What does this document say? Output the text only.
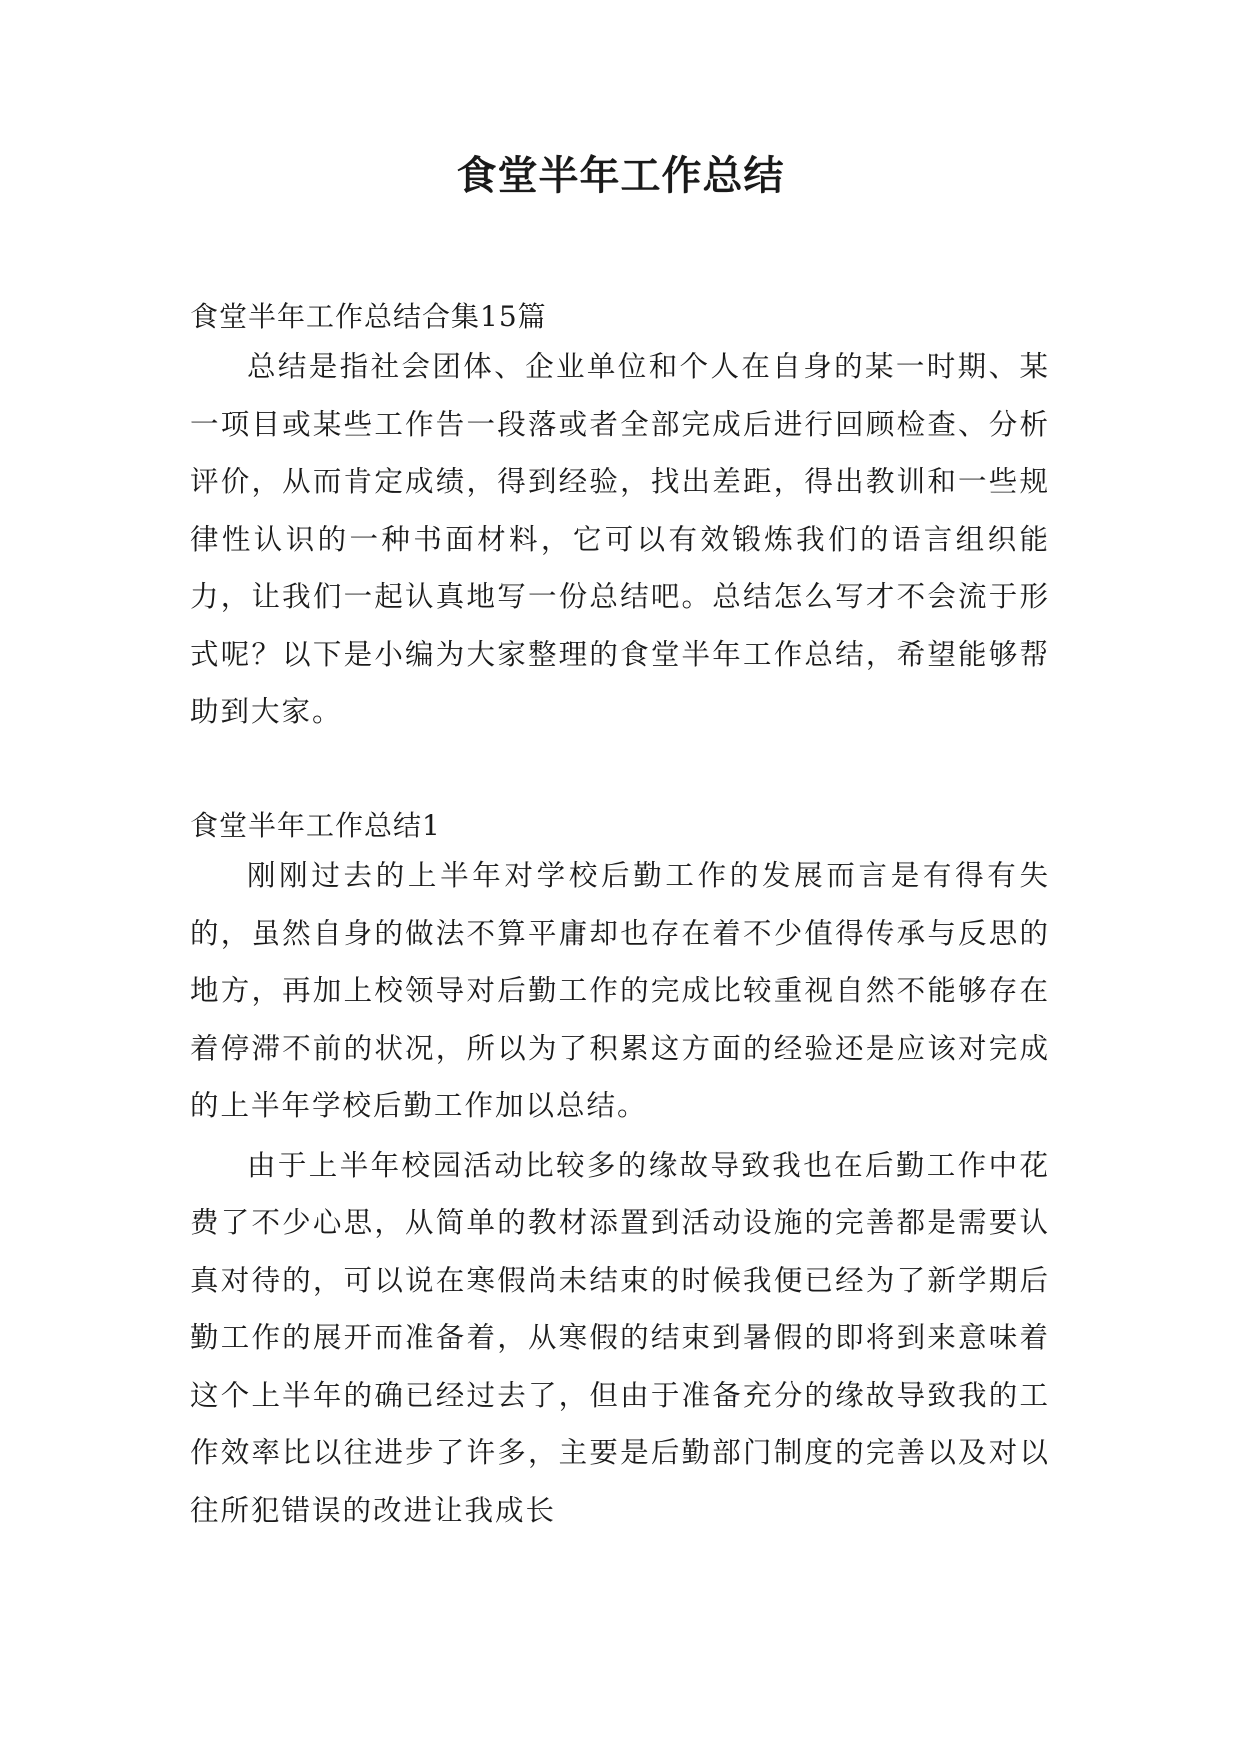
食堂半年工作总结

食堂半年工作总结合集15篇

总结是指社会团体、企业单位和个人在自身的某一时期、某一项目或某些工作告一段落或者全部完成后进行回顾检查、分析评价，从而肯定成绩，得到经验，找出差距，得出教训和一些规律性认识的一种书面材料，它可以有效锻炼我们的语言组织能力，让我们一起认真地写一份总结吧。总结怎么写才不会流于形式呢？以下是小编为大家整理的食堂半年工作总结，希望能够帮助到大家。

食堂半年工作总结1

刚刚过去的上半年对学校后勤工作的发展而言是有得有失的，虽然自身的做法不算平庸却也存在着不少值得传承与反思的地方，再加上校领导对后勤工作的完成比较重视自然不能够存在着停滞不前的状况，所以为了积累这方面的经验还是应该对完成的上半年学校后勤工作加以总结。

由于上半年校园活动比较多的缘故导致我也在后勤工作中花费了不少心思，从简单的教材添置到活动设施的完善都是需要认真对待的，可以说在寒假尚未结束的时候我便已经为了新学期后勤工作的展开而准备着，从寒假的结束到暑假的即将到来意味着这个上半年的确已经过去了，但由于准备充分的缘故导致我的工作效率比以往进步了许多，主要是后勤部门制度的完善以及对以往所犯错误的改进让我成长
